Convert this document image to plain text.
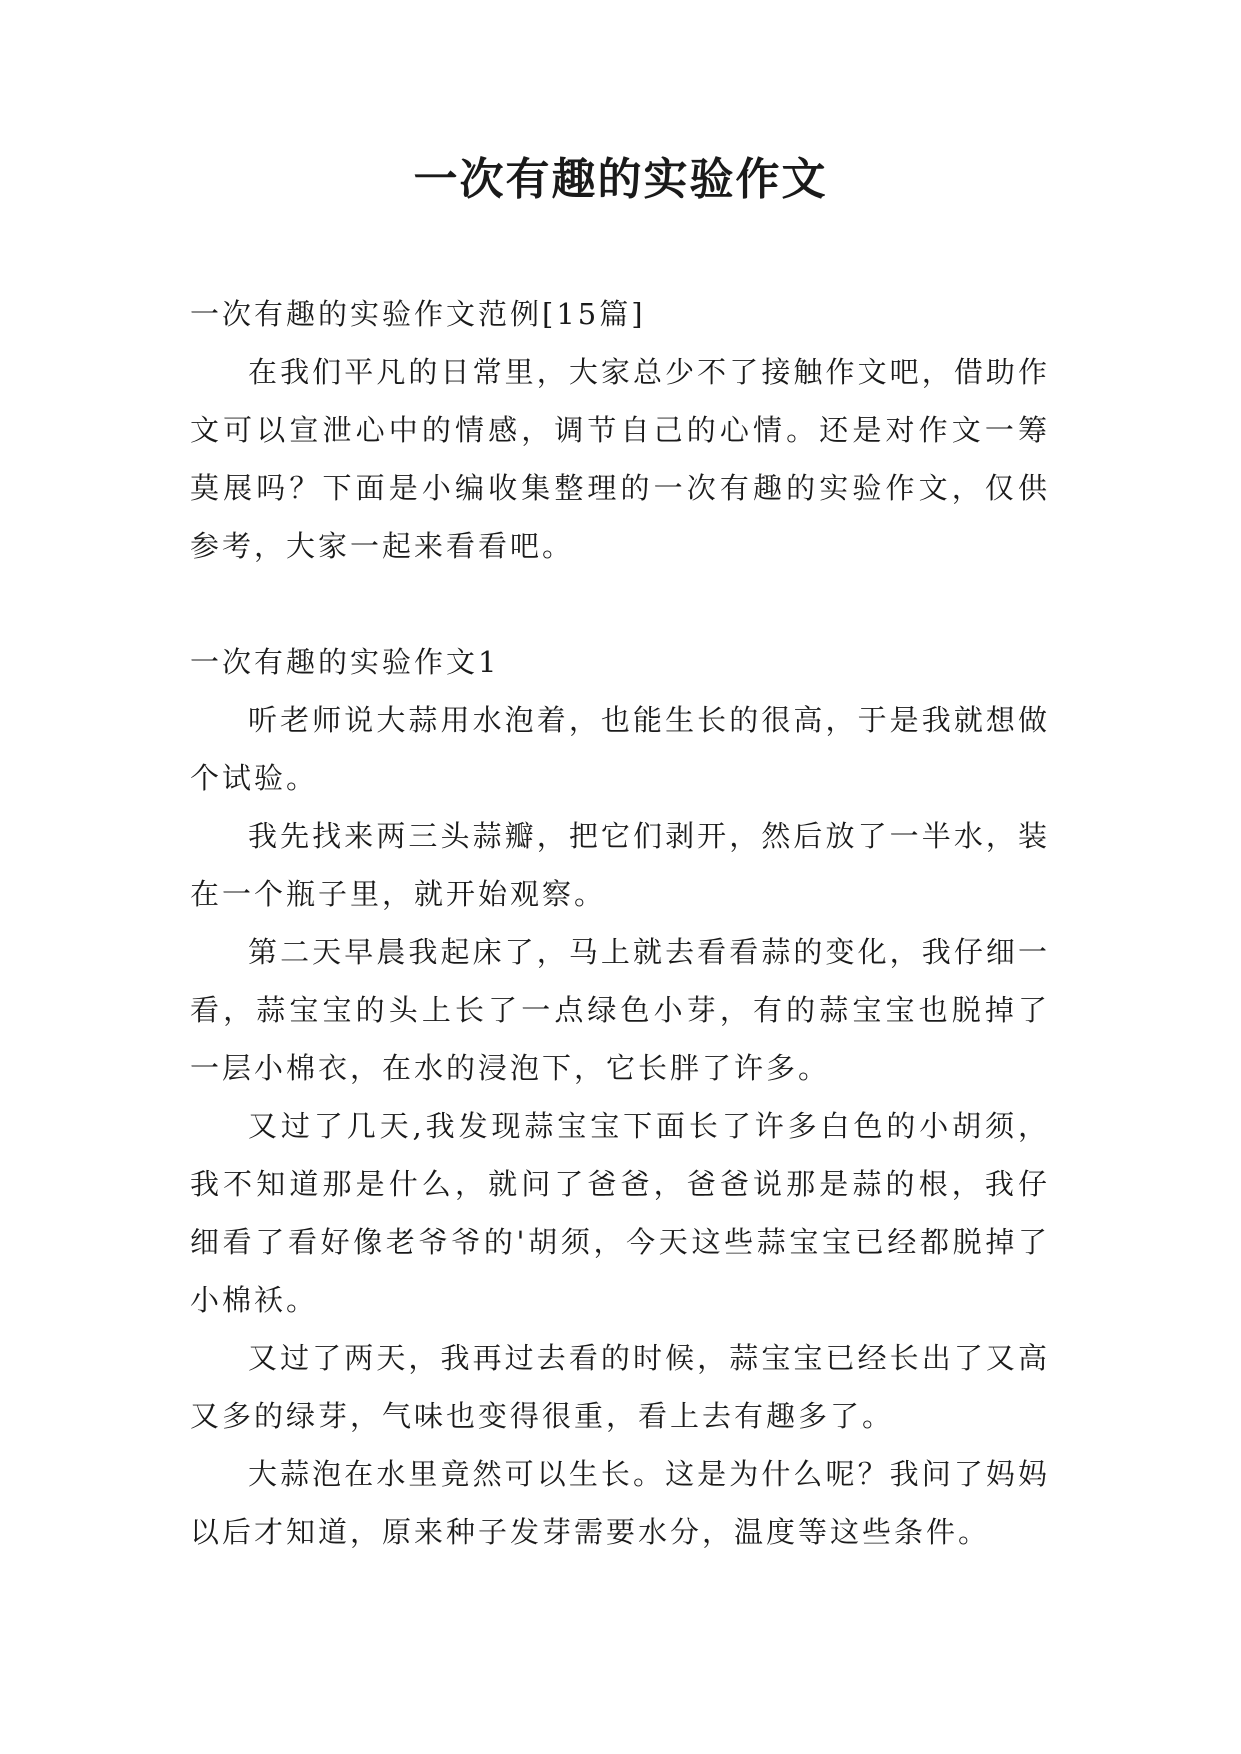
一次有趣的实验作文

一次有趣的实验作文范例[15篇]

在我们平凡的日常里，大家总少不了接触作文吧，借助作文可以宣泄心中的情感，调节自己的心情。还是对作文一筹莫展吗？下面是小编收集整理的一次有趣的实验作文，仅供参考，大家一起来看看吧。

一次有趣的实验作文1

听老师说大蒜用水泡着，也能生长的很高，于是我就想做个试验。

我先找来两三头蒜瓣，把它们剥开，然后放了一半水，装在一个瓶子里，就开始观察。

第二天早晨我起床了，马上就去看看蒜的变化，我仔细一看，蒜宝宝的头上长了一点绿色小芽，有的蒜宝宝也脱掉了一层小棉衣，在水的浸泡下，它长胖了许多。

又过了几天,我发现蒜宝宝下面长了许多白色的小胡须，我不知道那是什么，就问了爸爸，爸爸说那是蒜的根，我仔细看了看好像老爷爷的'胡须，今天这些蒜宝宝已经都脱掉了小棉袄。

又过了两天，我再过去看的时候，蒜宝宝已经长出了又高又多的绿芽，气味也变得很重，看上去有趣多了。

大蒜泡在水里竟然可以生长。这是为什么呢？我问了妈妈以后才知道，原来种子发芽需要水分，温度等这些条件。
